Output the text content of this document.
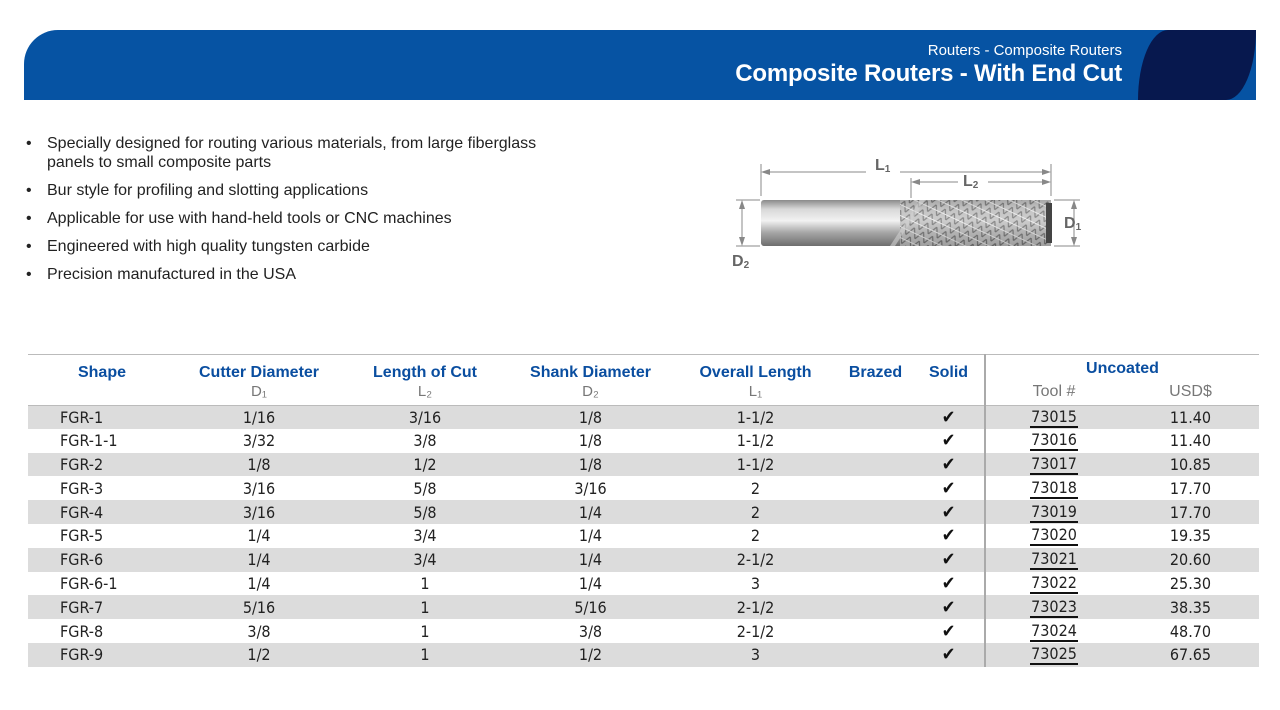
Routers - Composite Routers
Composite Routers - With End Cut
• Specially designed for routing various materials, from large fiberglass panels to small composite parts
• Bur style for profiling and slotting applications
• Applicable for use with hand-held tools or CNC machines
• Engineered with high quality tungsten carbide
• Precision manufactured in the USA
$L_1$
$L_2$
$D_1$
$D_2$
Shape	Cutter Diameter	Length of Cut	Shank Diameter	Overall Length	Brazed	Solid	Uncoated	
	D₁	L₂	D₂	L₁			Tool #	USD$
FGR-1	1/16	3/16	1/8	1-1/2		✔	73015	11.40
FGR-1-1	3/32	3/8	1/8	1-1/2		✔	73016	11.40
FGR-2	1/8	1/2	1/8	1-1/2		✔	73017	10.85
FGR-3	3/16	5/8	3/16	2		✔	73018	17.70
FGR-4	3/16	5/8	1/4	2		✔	73019	17.70
FGR-5	1/4	3/4	1/4	2		✔	73020	19.35
FGR-6	1/4	3/4	1/4	2-1/2		✔	73021	20.60
FGR-6-1	1/4	1	1/4	3		✔	73022	25.30
FGR-7	5/16	1	5/16	2-1/2		✔	73023	38.35
FGR-8	3/8	1	3/8	2-1/2		✔	73024	48.70
FGR-9	1/2	1	1/2	3		✔	73025	67.65
